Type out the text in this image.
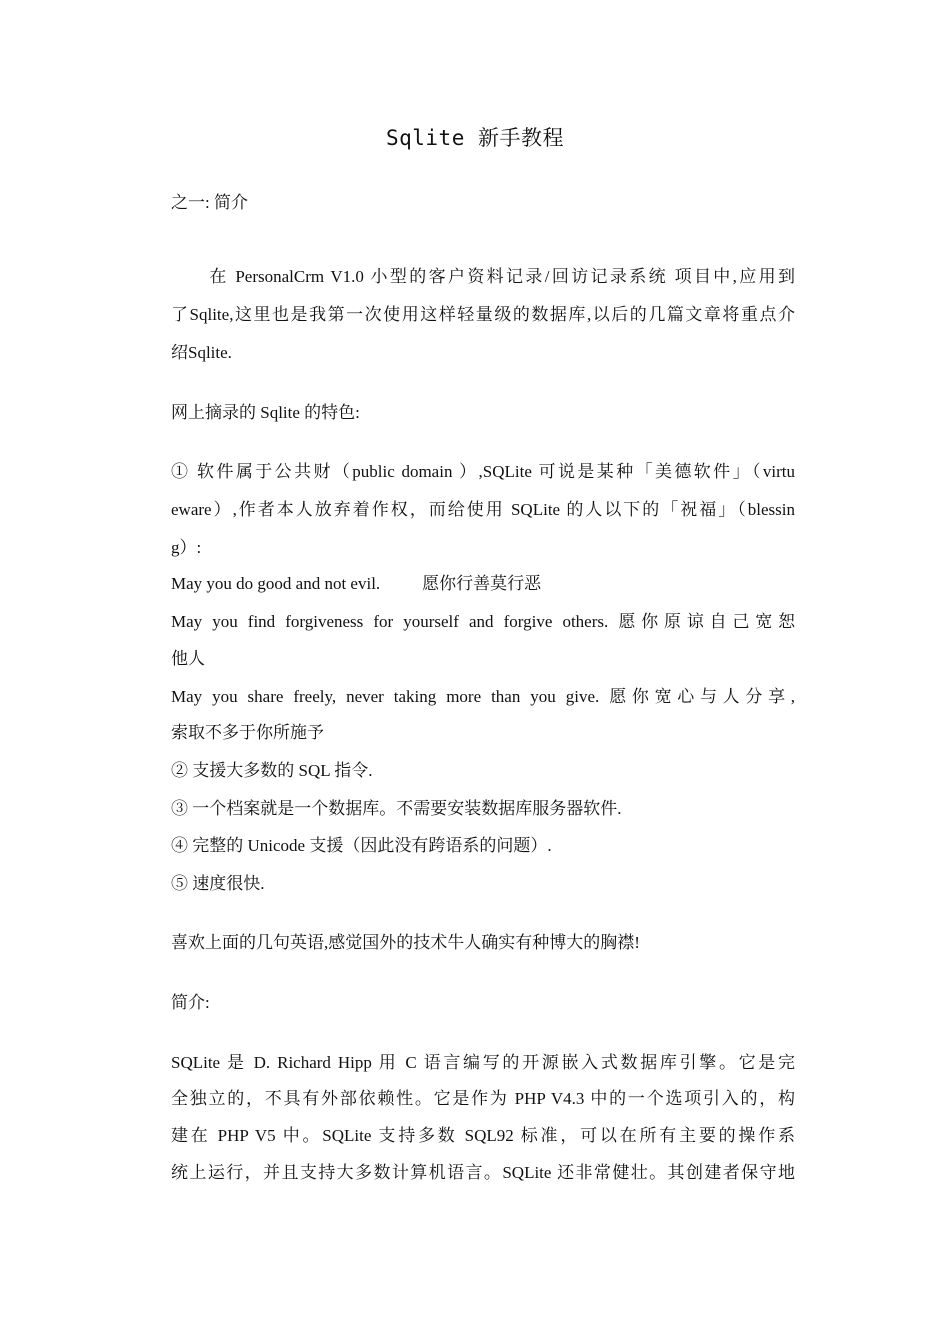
Sqlite 新手教程
之一: 简介
在 PersonalCrm V1.0 小型的客户资料记录/回访记录系统 项目中,应用到
了Sqlite,这里也是我第一次使用这样轻量级的数据库,以后的几篇文章将重点介
绍Sqlite.
网上摘录的 Sqlite 的特色:
① 软件属于公共财（public domain ）,SQLite 可说是某种「美德软件」（virtu
eware）,作者本人放弃着作权，而给使用 SQLite 的人以下的「祝福」（blessin
g）:
May you do good and not evil. 愿你行善莫行恶
May you find forgiveness for yourself and forgive others. 愿你原谅自己宽恕
他人
May you share freely, never taking more than you give. 愿你宽心与人分享,
索取不多于你所施予
② 支援大多数的 SQL 指令.
③ 一个档案就是一个数据库。不需要安装数据库服务器软件.
④ 完整的 Unicode 支援（因此没有跨语系的问题）.
⑤ 速度很快.
喜欢上面的几句英语,感觉国外的技术牛人确实有种博大的胸襟!
简介:
SQLite 是 D. Richard Hipp 用 C 语言编写的开源嵌入式数据库引擎。它是完
全独立的，不具有外部依赖性。它是作为 PHP V4.3 中的一个选项引入的，构
建在 PHP V5 中。SQLite 支持多数 SQL92 标准，可以在所有主要的操作系
统上运行，并且支持大多数计算机语言。SQLite 还非常健壮。其创建者保守地
